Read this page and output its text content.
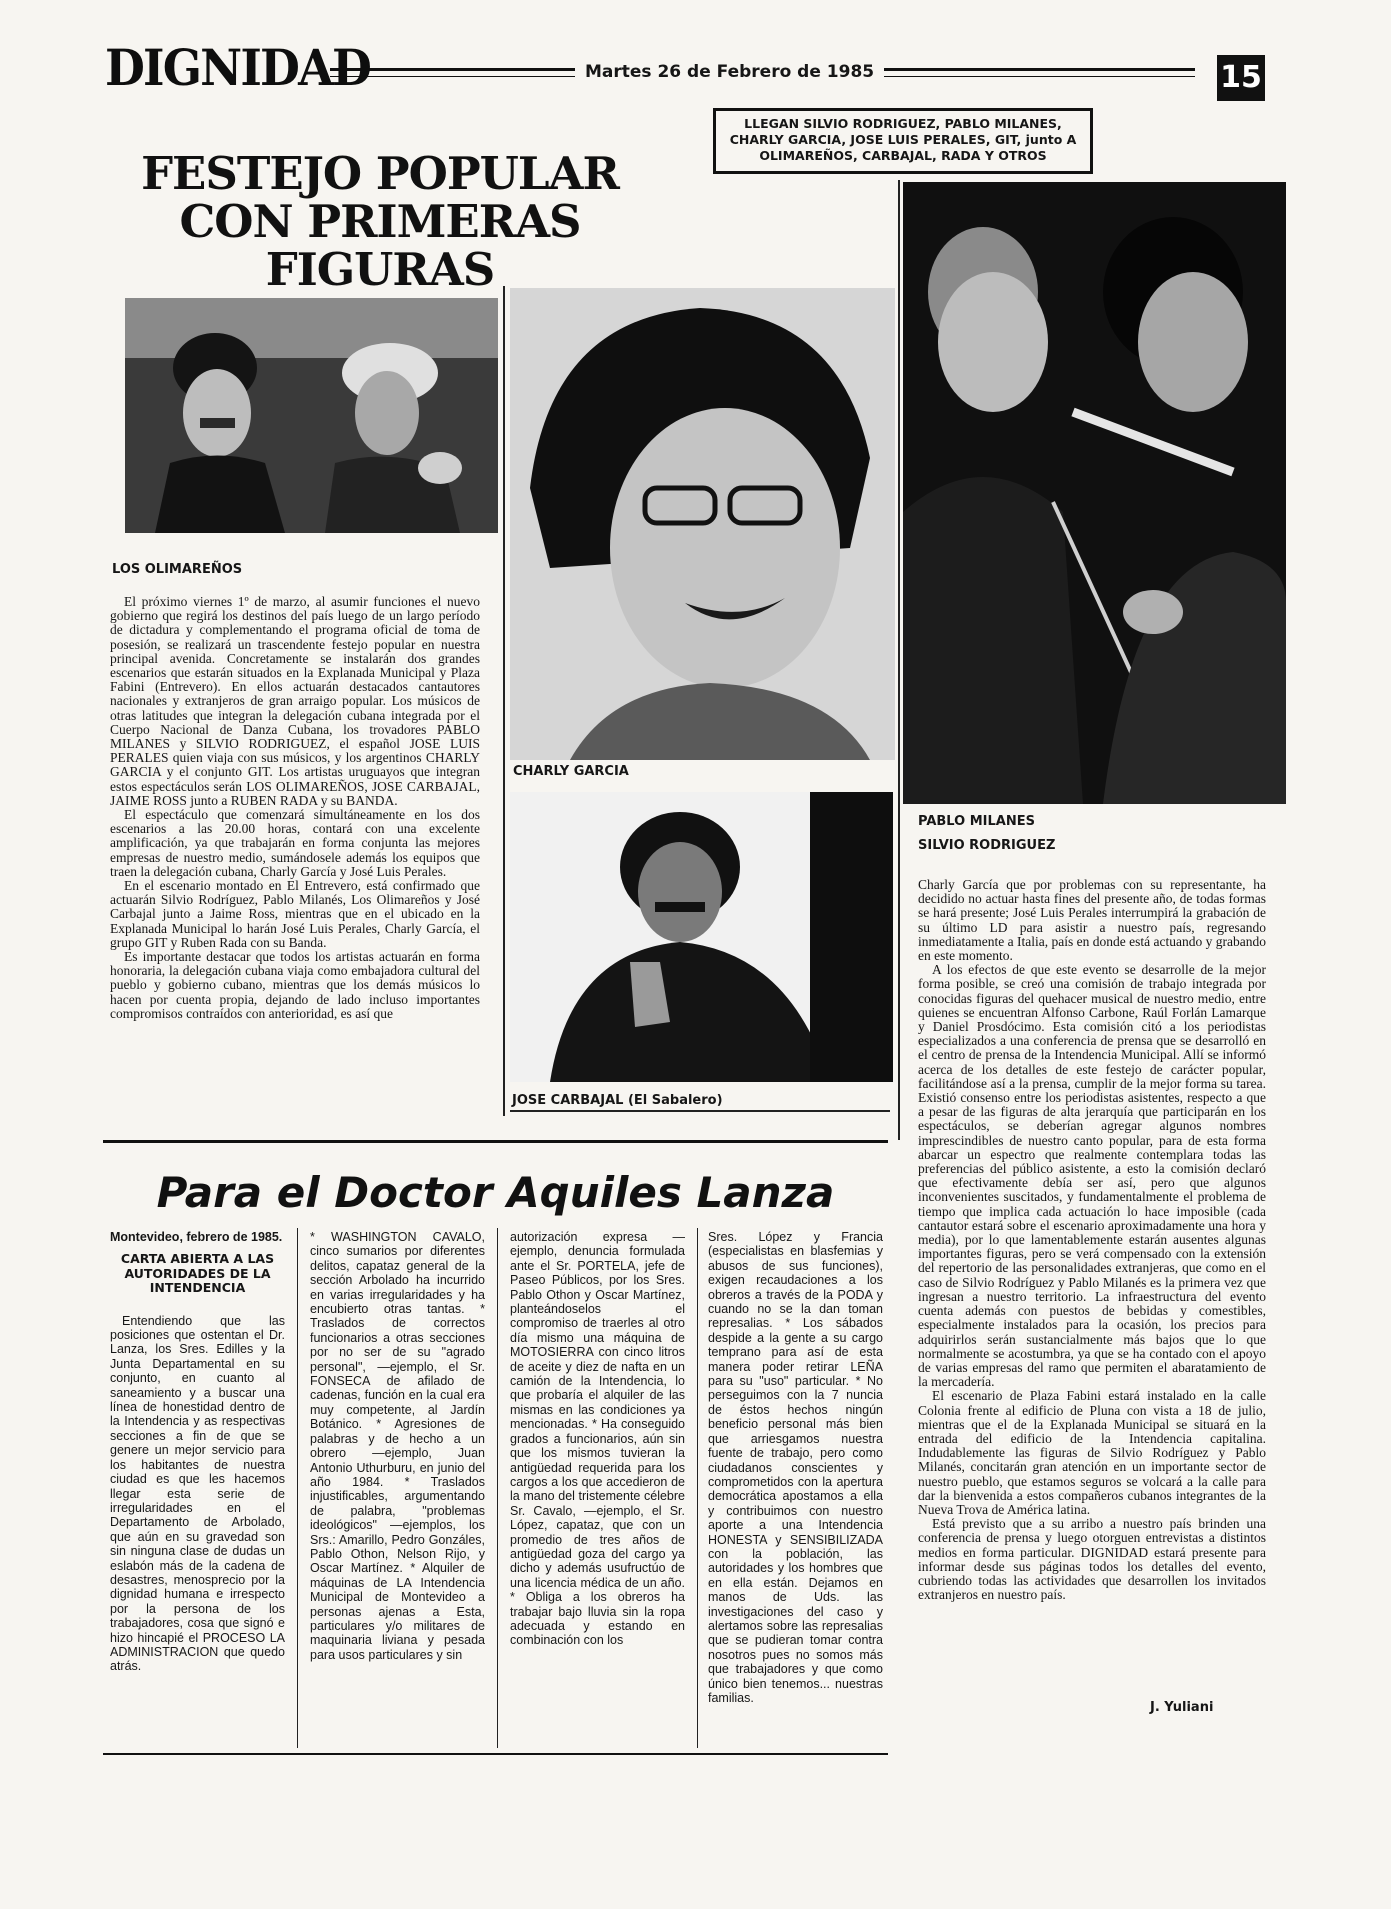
DIGNIDAD	Martes 26 de Febrero de 1985	15
FESTEJO POPULAR CON PRIMERAS FIGURAS
LLEGAN SILVIO RODRIGUEZ, PABLO MILANES, CHARLY GARCIA, JOSE LUIS PERALES, GIT, junto A OLIMAREÑOS, CARBAJAL, RADA Y OTROS
LOS OLIMAREÑOS
CHARLY GARCIA
JOSE CARBAJAL (El Sabalero)
PABLO MILANES
SILVIO RODRIGUEZ

El próximo viernes 1º de marzo, al asumir funciones el nuevo gobierno que regirá los destinos del país luego de un largo período de dictadura y complementando el programa oficial de toma de posesión, se realizará un trascendente festejo popular en nuestra principal avenida. Concretamente se instalarán dos grandes escenarios que estarán situados en la Explanada Municipal y Plaza Fabini (Entrevero). En ellos actuarán destacados cantautores nacionales y extranjeros de gran arraigo popular. Los músicos de otras latitudes que integran la delegación cubana integrada por el Cuerpo Nacional de Danza Cubana, los trovadores PABLO MILANES y SILVIO RODRIGUEZ, el español JOSE LUIS PERALES quien viaja con sus músicos, y los argentinos CHARLY GARCIA y el conjunto GIT. Los artistas uruguayos que integran estos espectáculos serán LOS OLIMAREÑOS, JOSE CARBAJAL, JAIME ROSS junto a RUBEN RADA y su BANDA.

El espectáculo que comenzará simultáneamente en los dos escenarios a las 20.00 horas, contará con una excelente amplificación, ya que trabajarán en forma conjunta las mejores empresas de nuestro medio, sumándosele además los equipos que traen la delegación cubana, Charly García y José Luis Perales.

En el escenario montado en El Entrevero, está confirmado que actuarán Silvio Rodríguez, Pablo Milanés, Los Olimareños y José Carbajal junto a Jaime Ross, mientras que en el ubicado en la Explanada Municipal lo harán José Luis Perales, Charly García, el grupo GIT y Ruben Rada con su Banda.

Es importante destacar que todos los artistas actuarán en forma honoraria, la delegación cubana viaja como embajadora cultural del pueblo y gobierno cubano, mientras que los demás músicos lo hacen por cuenta propia, dejando de lado incluso importantes compromisos contraídos con anterioridad, es así que

Charly García que por problemas con su representante, ha decidido no actuar hasta fines del presente año, de todas formas se hará presente; José Luis Perales interrumpirá la grabación de su último LD para asistir a nuestro país, regresando inmediatamente a Italia, país en donde está actuando y grabando en este momento.

A los efectos de que este evento se desarrolle de la mejor forma posible, se creó una comisión de trabajo integrada por conocidas figuras del quehacer musical de nuestro medio, entre quienes se encuentran Alfonso Carbone, Raúl Forlán Lamarque y Daniel Prosdócimo. Esta comisión citó a los periodistas especializados a una conferencia de prensa que se desarrolló en el centro de prensa de la Intendencia Municipal. Allí se informó acerca de los detalles de este festejo de carácter popular, facilitándose así a la prensa, cumplir de la mejor forma su tarea. Existió consenso entre los periodistas asistentes, respecto a que a pesar de las figuras de alta jerarquía que participarán en los espectáculos, se deberían agregar algunos nombres imprescindibles de nuestro canto popular, para de esta forma abarcar un espectro que realmente contemplara todas las preferencias del público asistente, a esto la comisión declaró que efectivamente debía ser así, pero que algunos inconvenientes suscitados, y fundamentalmente el problema de tiempo que implica cada actuación lo hace imposible (cada cantautor estará sobre el escenario aproximadamente una hora y media), por lo que lamentablemente estarán ausentes algunas importantes figuras, pero se verá compensado con la extensión del repertorio de las personalidades extranjeras, que como en el caso de Silvio Rodríguez y Pablo Milanés es la primera vez que ingresan a nuestro territorio. La infraestructura del evento cuenta además con puestos de bebidas y comestibles, especialmente instalados para la ocasión, los precios para adquirirlos serán sustancialmente más bajos que lo que normalmente se acostumbra, ya que se ha contado con el apoyo de varias empresas del ramo que permiten el abaratamiento de la mercadería.

El escenario de Plaza Fabini estará instalado en la calle Colonia frente al edificio de Pluna con vista a 18 de julio, mientras que el de la Explanada Municipal se situará en la entrada del edificio de la Intendencia capitalina. Indudablemente las figuras de Silvio Rodríguez y Pablo Milanés, concitarán gran atención en un importante sector de nuestro pueblo, que estamos seguros se volcará a la calle para dar la bienvenida a estos compañeros cubanos integrantes de la Nueva Trova de América latina.

Está previsto que a su arribo a nuestro país brinden una conferencia de prensa y luego otorguen entrevistas a distintos medios en forma particular. DIGNIDAD estará presente para informar desde sus páginas todos los detalles del evento, cubriendo todas las actividades que desarrollen los invitados extranjeros en nuestro país.

J. Yuliani
Para el Doctor Aquiles Lanza

Montevideo, febrero de 1985.

CARTA ABIERTA A LAS AUTORIDADES DE LA INTENDENCIA

Entendiendo que las posiciones que ostentan el Dr. Lanza, los Sres. Edilles y la Junta Departamental en su conjunto, en cuanto al saneamiento y a buscar una línea de honestidad dentro de la Intendencia y as respectivas secciones a fin de que se genere un mejor servicio para los habitantes de nuestra ciudad es que les hacemos llegar esta serie de irregularidades en el Departamento de Arbolado, que aún en su gravedad son sin ninguna clase de dudas un eslabón más de la cadena de desastres, menosprecio por la dignidad humana e irrespecto por la persona de los trabajadores, cosa que signó e hizo hincapié el PROCESO LA ADMINISTRACION que quedo atrás.

* WASHINGTON CAVALO, cinco sumarios por diferentes delitos, capataz general de la sección Arbolado ha incurrido en varias irregularidades y ha encubierto otras tantas. * Traslados de correctos funcionarios a otras secciones por no ser de su "agrado personal", —ejemplo, el Sr. FONSECA de afilado de cadenas, función en la cual era muy competente, al Jardín Botánico. * Agresiones de palabras y de hecho a un obrero —ejemplo, Juan Antonio Uthurburu, en junio del año 1984. * Traslados injustificables, argumentando de palabra, "problemas ideológicos" —ejemplos, los Srs.: Amarillo, Pedro Gonzáles, Pablo Othon, Nelson Rijo, y Oscar Martínez. * Alquiler de máquinas de LA Intendencia Municipal de Montevideo a personas ajenas a Esta, particulares y/o militares de maquinaria liviana y pesada para usos particulares y sin

autorización expresa —ejemplo, denuncia formulada ante el Sr. PORTELA, jefe de Paseo Públicos, por los Sres. Pablo Othon y Oscar Martínez, planteándoselos el compromiso de traerles al otro día mismo una máquina de MOTOSIERRA con cinco litros de aceite y diez de nafta en un camión de la Intendencia, lo que probaría el alquiler de las mismas en las condiciones ya mencionadas. * Ha conseguido grados a funcionarios, aún sin que los mismos tuvieran la antigüedad requerida para los cargos a los que accedieron de la mano del tristemente célebre Sr. Cavalo, —ejemplo, el Sr. López, capataz, que con un promedio de tres años de antigüedad goza del cargo ya dicho y además usufructúo de una licencia médica de un año. * Obliga a los obreros ha trabajar bajo lluvia sin la ropa adecuada y estando en combinación con los

Sres. López y Francia (especialistas en blasfemias y abusos de sus funciones), exigen recaudaciones a los obreros a través de la PODA y cuando no se la dan toman represalias. * Los sábados despide a la gente a su cargo temprano para así de esta manera poder retirar LEÑA para su "uso" particular. * No perseguimos con la 7 nuncia de éstos hechos ningún beneficio personal más bien que arriesgamos nuestra fuente de trabajo, pero como ciudadanos conscientes y comprometidos con la apertura democrática apostamos a ella y contribuimos con nuestro aporte a una Intendencia HONESTA y SENSIBILIZADA con la población, las autoridades y los hombres que en ella están. Dejamos en manos de Uds. las investigaciones del caso y alertamos sobre las represalias que se pudieran tomar contra nosotros pues no somos más que trabajadores y que como único bien tenemos... nuestras familias.
